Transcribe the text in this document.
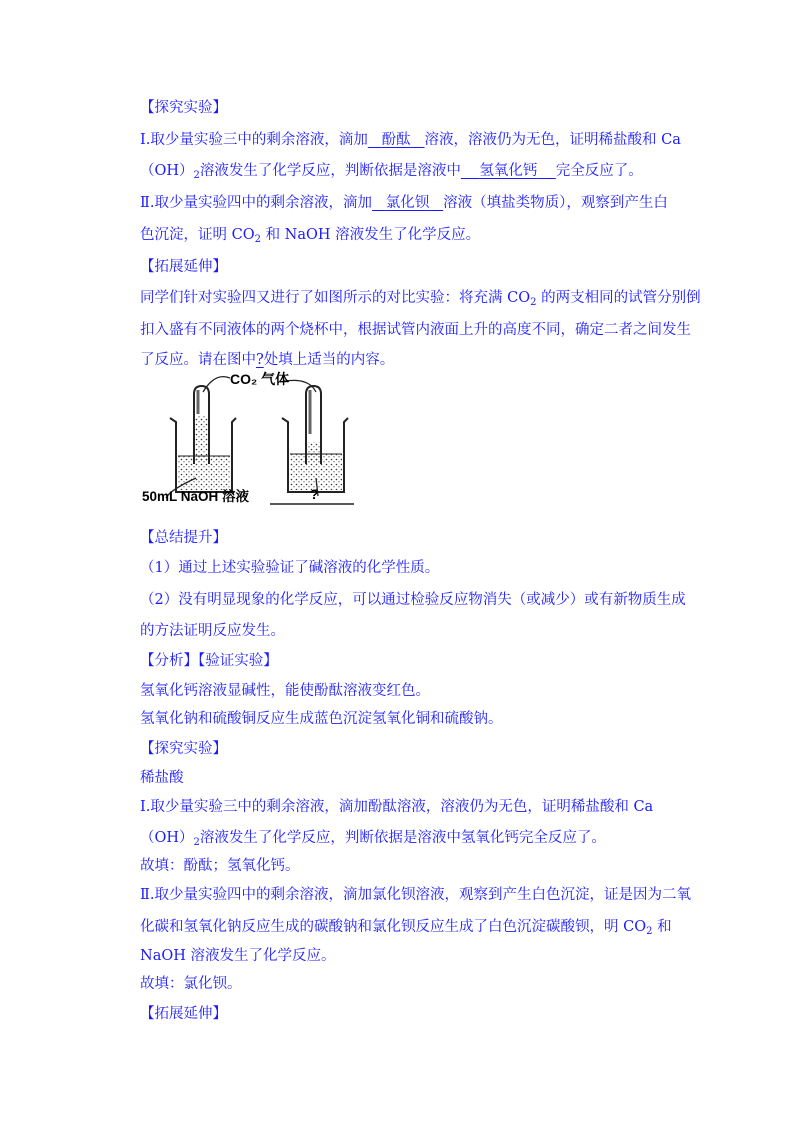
【探究实验】
Ⅰ.取少量实验三中的剩余溶液，滴加 酚酞 溶液，溶液仍为无色，证明稀盐酸和 Ca
$(OH)_2$溶液发生了化学反应，判断依据是溶液中 氢氧化钙 完全反应了。
Ⅱ.取少量实验四中的剩余溶液，滴加 氯化钡 溶液（填盐类物质），观察到产生白
色沉淀，证明 $CO_2$ 和 NaOH 溶液发生了化学反应。
【拓展延伸】
同学们针对实验四又进行了如图所示的对比实验：将充满 $CO_2$ 的两支相同的试管分别倒
扣入盛有不同液体的两个烧杯中，根据试管内液面上升的高度不同，确定二者之间发生
了反应。请在图中?处填上适当的内容。
CO₂ 气体
50mL NaOH 溶液	?
【总结提升】
（1）通过上述实验验证了碱溶液的化学性质。
（2）没有明显现象的化学反应，可以通过检验反应物消失（或减少）或有新物质生成
的方法证明反应发生。
【分析】【验证实验】
氢氧化钙溶液显碱性，能使酚酞溶液变红色。
氢氧化钠和硫酸铜反应生成蓝色沉淀氢氧化铜和硫酸钠。
【探究实验】
稀盐酸
Ⅰ.取少量实验三中的剩余溶液，滴加酚酞溶液，溶液仍为无色，证明稀盐酸和 Ca
$(OH)_2$溶液发生了化学反应，判断依据是溶液中氢氧化钙完全反应了。
故填：酚酞；氢氧化钙。
Ⅱ.取少量实验四中的剩余溶液，滴加氯化钡溶液，观察到产生白色沉淀，证是因为二氧
化碳和氢氧化钠反应生成的碳酸钠和氯化钡反应生成了白色沉淀碳酸钡，明 $CO_2$ 和
NaOH 溶液发生了化学反应。
故填：氯化钡。
【拓展延伸】
